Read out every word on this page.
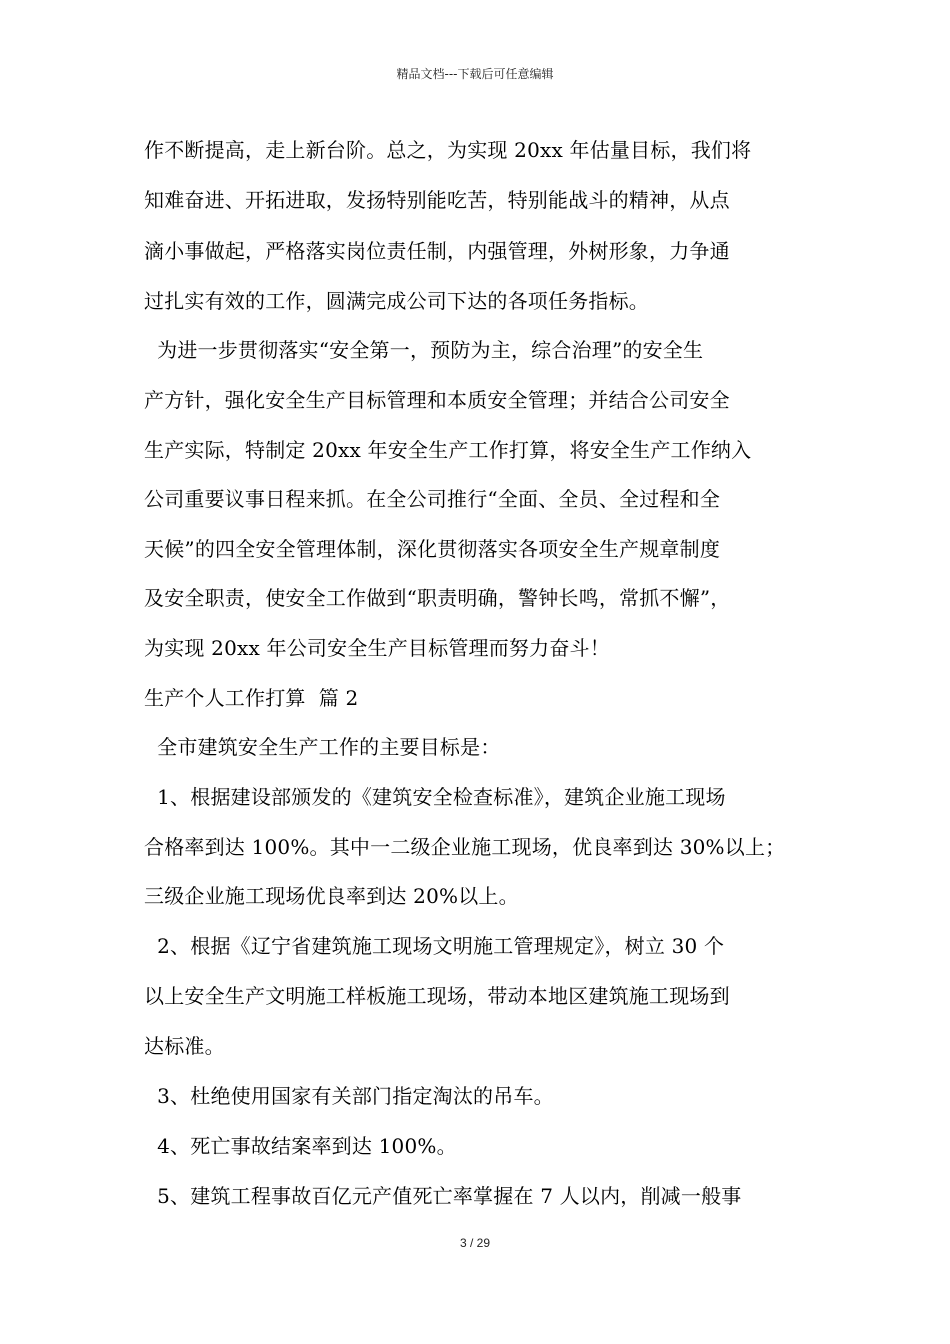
精品文档---下载后可任意编辑
作不断提高，走上新台阶。总之，为实现 20xx 年估量目标，我们将
知难奋进、开拓进取，发扬特别能吃苦，特别能战斗的精神，从点
滴小事做起，严格落实岗位责任制，内强管理，外树形象，力争通
过扎实有效的工作，圆满完成公司下达的各项任务指标。
为进一步贯彻落实“安全第一，预防为主，综合治理”的安全生
产方针，强化安全生产目标管理和本质安全管理；并结合公司安全
生产实际，特制定 20xx 年安全生产工作打算，将安全生产工作纳入
公司重要议事日程来抓。在全公司推行“全面、全员、全过程和全
天候”的四全安全管理体制，深化贯彻落实各项安全生产规章制度
及安全职责，使安全工作做到“职责明确，警钟长鸣，常抓不懈”，
为实现 20xx 年公司安全生产目标管理而努力奋斗！
生产个人工作打算  篇 2
全市建筑安全生产工作的主要目标是：
1、根据建设部颁发的《建筑安全检查标准》，建筑企业施工现场
合格率到达 100%。其中一二级企业施工现场，优良率到达 30%以上；
三级企业施工现场优良率到达 20%以上。
2、根据《辽宁省建筑施工现场文明施工管理规定》，树立 30 个
以上安全生产文明施工样板施工现场，带动本地区建筑施工现场到
达标准。
3、杜绝使用国家有关部门指定淘汰的吊车。
4、死亡事故结案率到达 100%。
5、建筑工程事故百亿元产值死亡率掌握在 7 人以内，削减一般事
3 / 29
